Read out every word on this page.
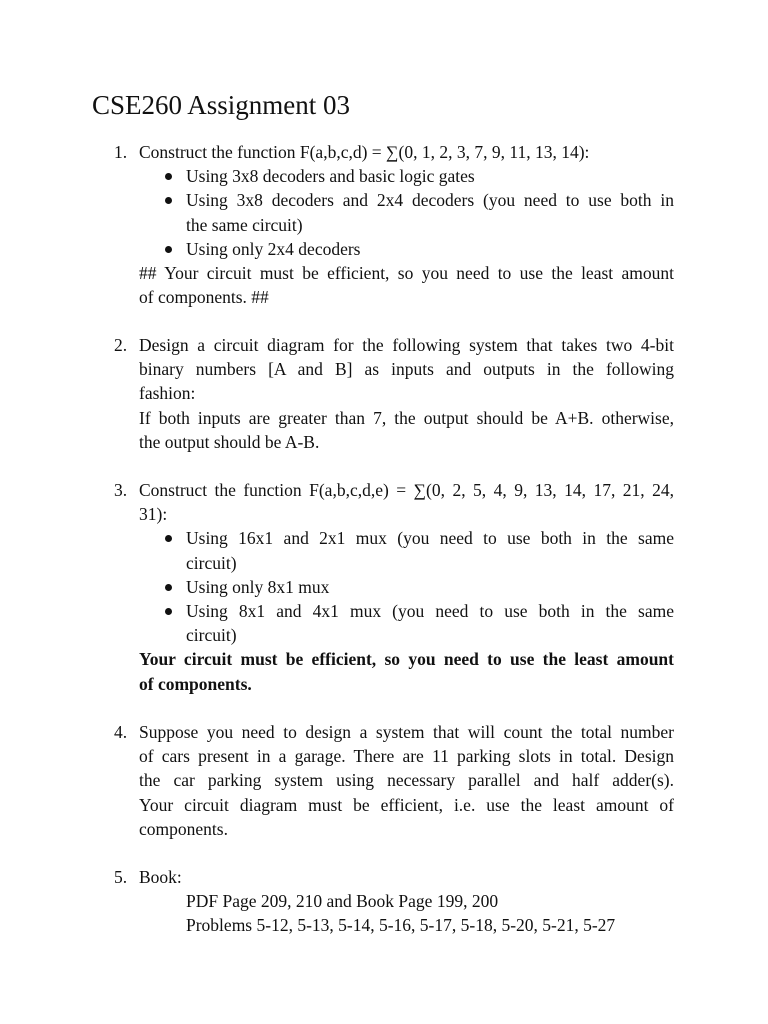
CSE260 Assignment 03
1. Construct the function F(a,b,c,d) = ∑(0, 1, 2, 3, 7, 9, 11, 13, 14):
Using 3x8 decoders and basic logic gates
Using 3x8 decoders and 2x4 decoders (you need to use both in
the same circuit)
Using only 2x4 decoders
## Your circuit must be efficient, so you need to use the least amount
of components. ##
2. Design a circuit diagram for the following system that takes two 4-bit
binary numbers [A and B] as inputs and outputs in the following
fashion:
If both inputs are greater than 7, the output should be A+B. otherwise,
the output should be A-B.
3. Construct the function F(a,b,c,d,e) = ∑(0, 2, 5, 4, 9, 13, 14, 17, 21, 24,
31):
Using 16x1 and 2x1 mux (you need to use both in the same
circuit)
Using only 8x1 mux
Using 8x1 and 4x1 mux (you need to use both in the same
circuit)
Your circuit must be efficient, so you need to use the least amount
of components.
4. Suppose you need to design a system that will count the total number
of cars present in a garage. There are 11 parking slots in total. Design
the car parking system using necessary parallel and half adder(s).
Your circuit diagram must be efficient, i.e. use the least amount of
components.
5. Book:
PDF Page 209, 210 and Book Page 199, 200
Problems 5-12, 5-13, 5-14, 5-16, 5-17, 5-18, 5-20, 5-21, 5-27
